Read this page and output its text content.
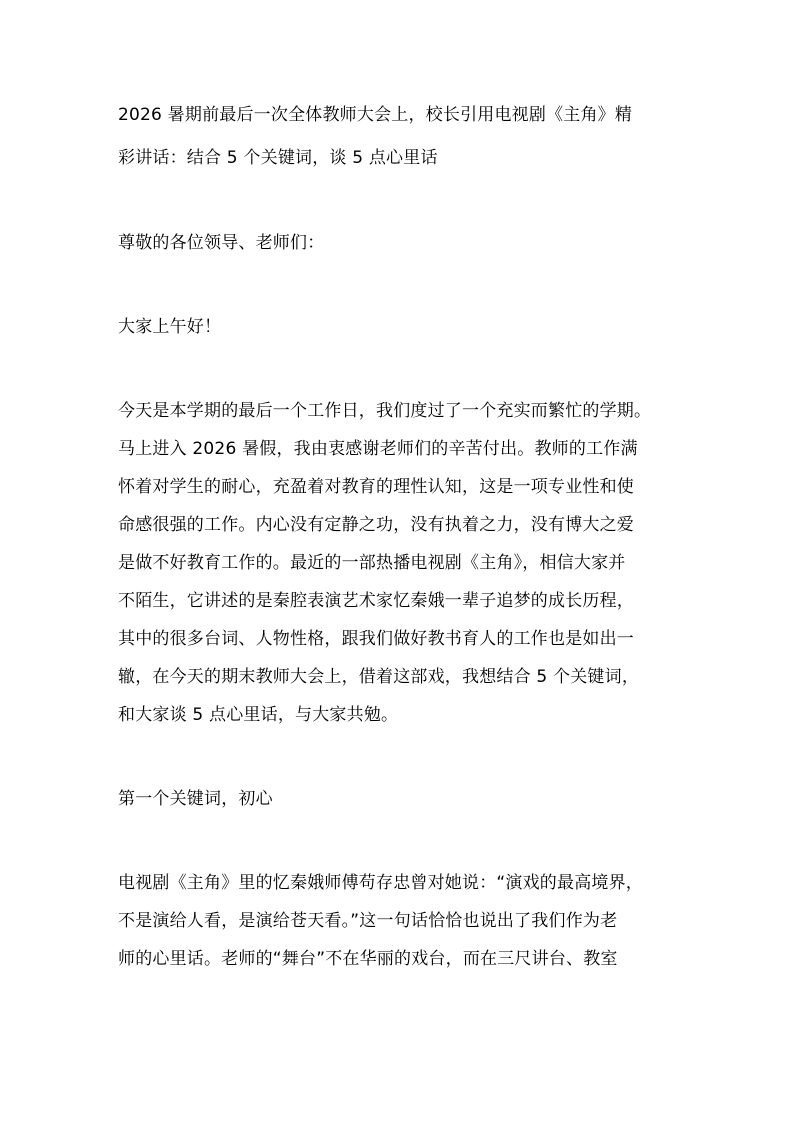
2026 暑期前最后一次全体教师大会上，校长引用电视剧《主角》精
彩讲话：结合 5 个关键词，谈 5 点心里话
尊敬的各位领导、老师们：
大家上午好！
今天是本学期的最后一个工作日，我们度过了一个充实而繁忙的学期。
马上进入 2026 暑假，我由衷感谢老师们的辛苦付出。教师的工作满
怀着对学生的耐心，充盈着对教育的理性认知，这是一项专业性和使
命感很强的工作。内心没有定静之功，没有执着之力，没有博大之爱
是做不好教育工作的。最近的一部热播电视剧《主角》，相信大家并
不陌生，它讲述的是秦腔表演艺术家忆秦娥一辈子追梦的成长历程，
其中的很多台词、人物性格，跟我们做好教书育人的工作也是如出一
辙，在今天的期末教师大会上，借着这部戏，我想结合 5 个关键词，
和大家谈 5 点心里话，与大家共勉。
第一个关键词，初心
电视剧《主角》里的忆秦娥师傅苟存忠曾对她说：“演戏的最高境界，
不是演给人看，是演给苍天看。”这一句话恰恰也说出了我们作为老
师的心里话。老师的“舞台”不在华丽的戏台，而在三尺讲台、教室
